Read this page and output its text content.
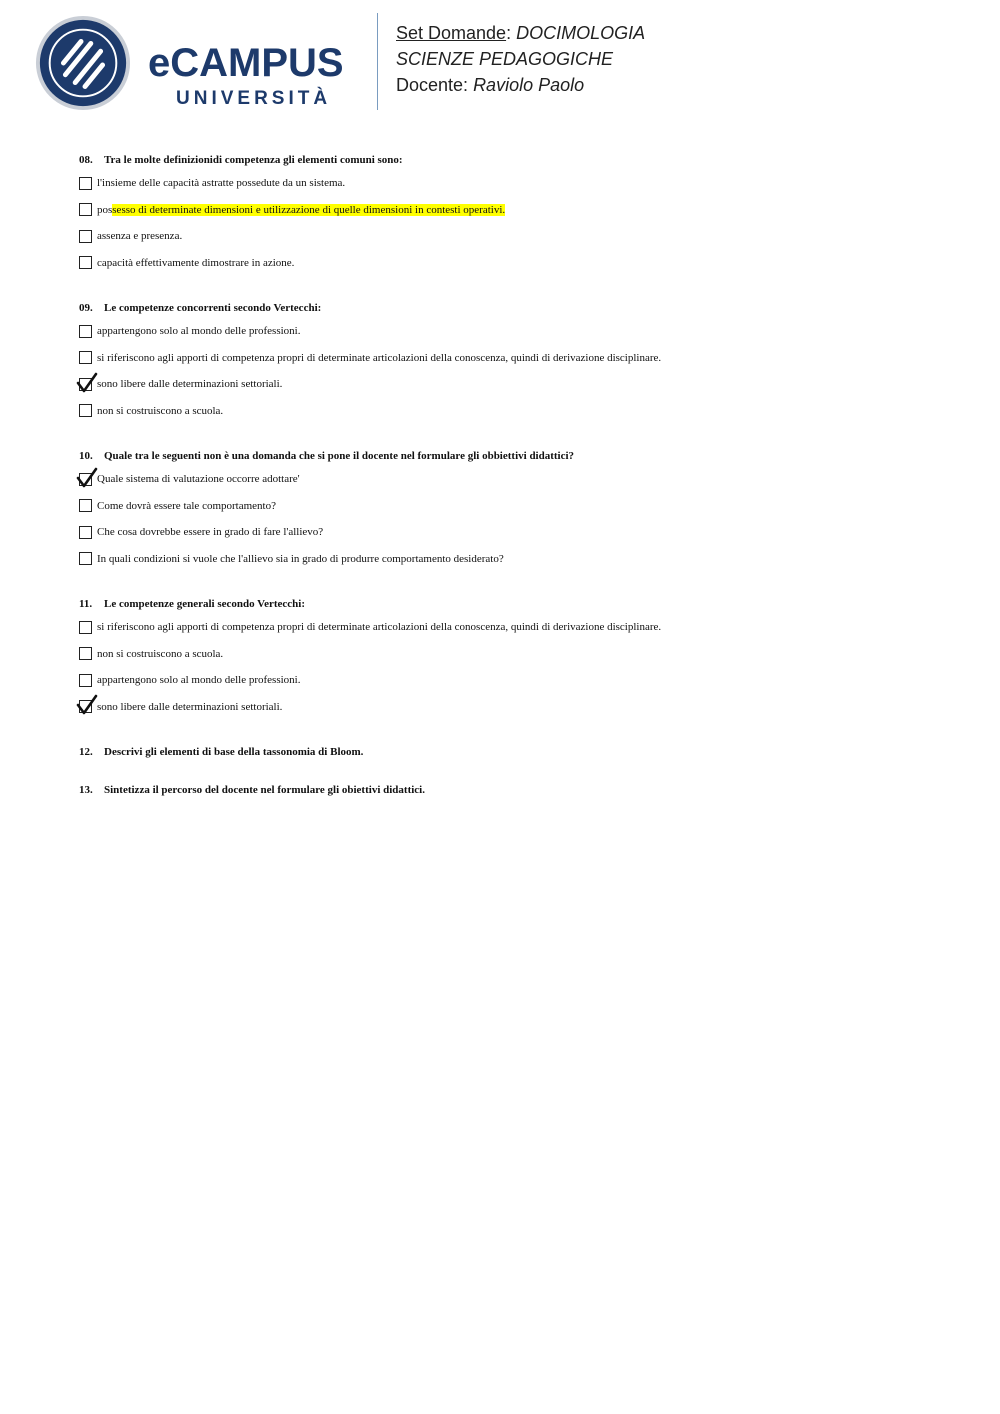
eCAMPUS
UNIVERSITÀ
Set Domande: DOCIMOLOGIA
SCIENZE PEDAGOGICHE
Docente: Raviolo Paolo
08. Tra le molte definizionidi competenza gli elementi comuni sono:
l'insieme delle capacità astratte possedute da un sistema.
possesso di determinate dimensioni e utilizzazione di quelle dimensioni in contesti operativi.
assenza e presenza.
capacità effettivamente dimostrare in azione.
09. Le competenze concorrenti secondo Vertecchi:
appartengono solo al mondo delle professioni.
si riferiscono agli apporti di competenza propri di determinate articolazioni della conoscenza, quindi di derivazione disciplinare.
sono libere dalle determinazioni settoriali.
non si costruiscono a scuola.
10. Quale tra le seguenti non è una domanda che si pone il docente nel formulare gli obbiettivi didattici?
Quale sistema di valutazione occorre adottare'
Come dovrà essere tale comportamento?
Che cosa dovrebbe essere in grado di fare l'allievo?
In quali condizioni si vuole che l'allievo sia in grado di produrre comportamento desiderato?
11. Le competenze generali secondo Vertecchi:
si riferiscono agli apporti di competenza propri di determinate articolazioni della conoscenza, quindi di derivazione disciplinare.
non si costruiscono a scuola.
appartengono solo al mondo delle professioni.
sono libere dalle determinazioni settoriali.
12. Descrivi gli elementi di base della tassonomia di Bloom.
13. Sintetizza il percorso del docente nel formulare gli obiettivi didattici.
